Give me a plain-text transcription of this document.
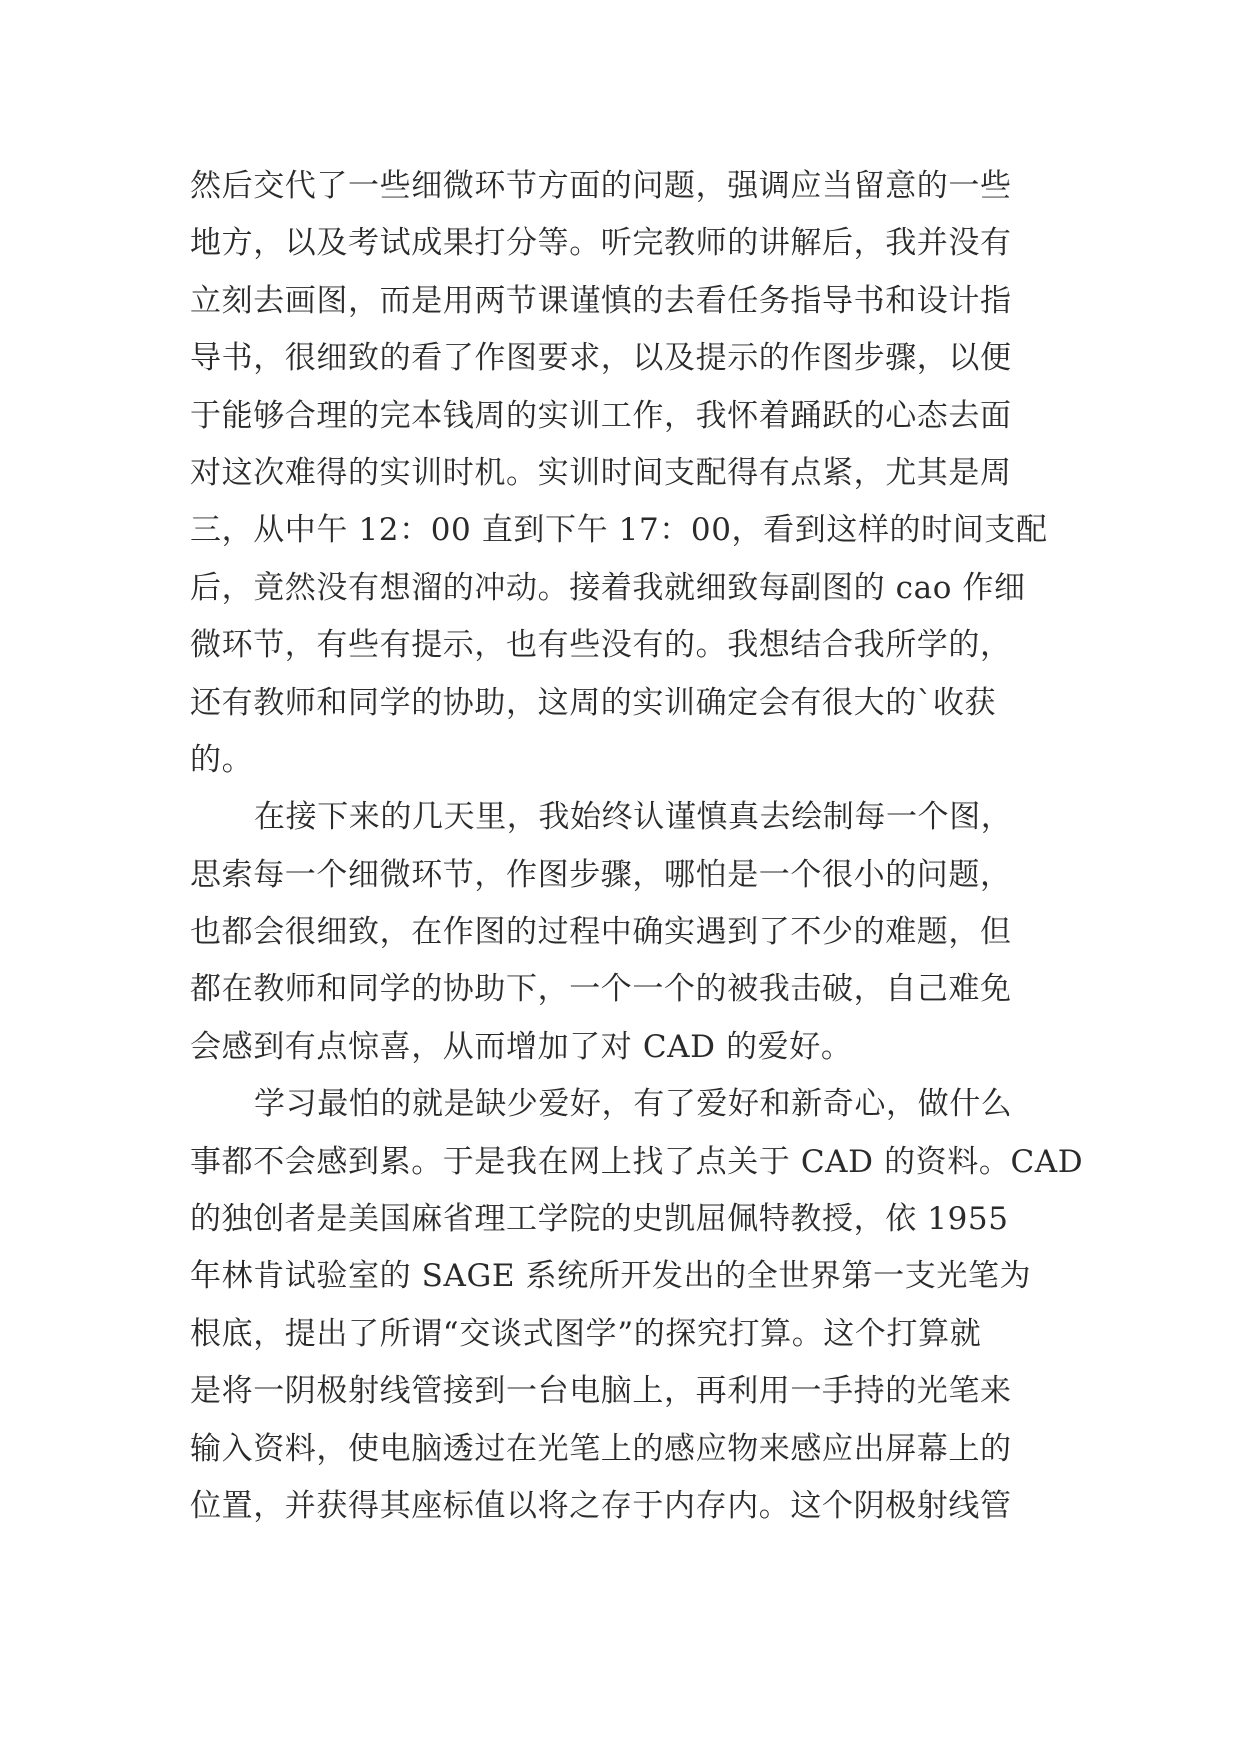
然后交代了一些细微环节方面的问题，强调应当留意的一些
地方，以及考试成果打分等。听完教师的讲解后，我并没有
立刻去画图，而是用两节课谨慎的去看任务指导书和设计指
导书，很细致的看了作图要求，以及提示的作图步骤，以便
于能够合理的完本钱周的实训工作，我怀着踊跃的心态去面
对这次难得的实训时机。实训时间支配得有点紧，尤其是周
三，从中午 12：00 直到下午 17：00，看到这样的时间支配
后，竟然没有想溜的冲动。接着我就细致每副图的 cao 作细
微环节，有些有提示，也有些没有的。我想结合我所学的，
还有教师和同学的协助，这周的实训确定会有很大的`收获
的。
在接下来的几天里，我始终认谨慎真去绘制每一个图，
思索每一个细微环节，作图步骤，哪怕是一个很小的问题，
也都会很细致，在作图的过程中确实遇到了不少的难题，但
都在教师和同学的协助下，一个一个的被我击破，自己难免
会感到有点惊喜，从而增加了对 CAD 的爱好。
学习最怕的就是缺少爱好，有了爱好和新奇心，做什么
事都不会感到累。于是我在网上找了点关于 CAD 的资料。CAD
的独创者是美国麻省理工学院的史凯屈佩特教授，依 1955
年林肯试验室的 SAGE 系统所开发出的全世界第一支光笔为
根底，提出了所谓“交谈式图学”的探究打算。这个打算就
是将一阴极射线管接到一台电脑上，再利用一手持的光笔来
输入资料，使电脑透过在光笔上的感应物来感应出屏幕上的
位置，并获得其座标值以将之存于内存内。这个阴极射线管
